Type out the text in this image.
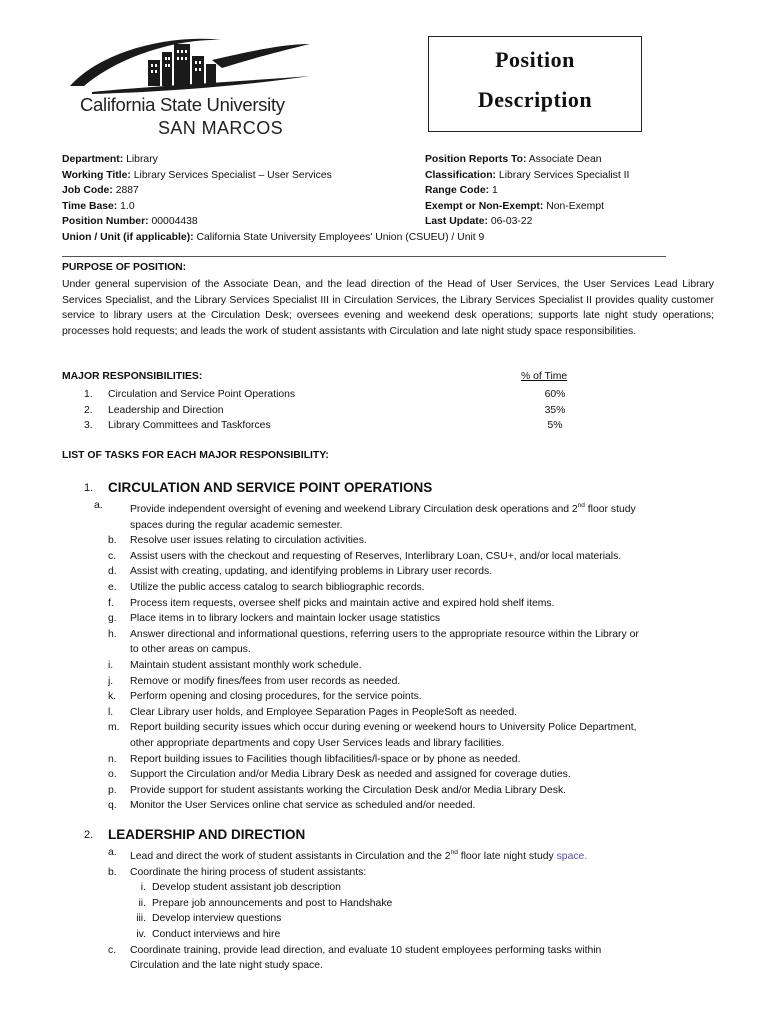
California State University
SAN MARCOS
Position
Description
Department: Library
Working Title: Library Services Specialist – User Services
Job Code: 2887
Time Base: 1.0
Position Number: 00004438
Union / Unit (if applicable): California State University Employees' Union (CSUEU) / Unit 9
Position Reports To: Associate Dean
Classification: Library Services Specialist II
Range Code: 1
Exempt or Non-Exempt: Non-Exempt
Last Update: 06-03-22
PURPOSE OF POSITION:
Under general supervision of the Associate Dean, and the lead direction of the Head of User Services, the User Services Lead Library Services Specialist, and the Library Services Specialist III in Circulation Services, the Library Services Specialist II provides quality customer service to library users at the Circulation Desk; oversees evening and weekend desk operations; supports late night study operations; processes hold requests; and leads the work of student assistants with Circulation and late night study space responsibilities.
MAJOR RESPONSIBILITIES:	% of Time
1. Circulation and Service Point Operations	60%
2. Leadership and Direction	35%
3. Library Committees and Taskforces	5%
LIST OF TASKS FOR EACH MAJOR RESPONSIBILITY:
1. CIRCULATION AND SERVICE POINT OPERATIONS
a.	Provide independent oversight of evening and weekend Library Circulation desk operations and 2nd floor study
spaces during the regular academic semester.
b.	Resolve user issues relating to circulation activities.
c.	Assist users with the checkout and requesting of Reserves, Interlibrary Loan, CSU+, and/or local materials.
d.	Assist with creating, updating, and identifying problems in Library user records.
e.	Utilize the public access catalog to search bibliographic records.
f.	Process item requests, oversee shelf picks and maintain active and expired hold shelf items.
g.	Place items in to library lockers and maintain locker usage statistics
h.	Answer directional and informational questions, referring users to the appropriate resource within the Library or
to other areas on campus.
i.	Maintain student assistant monthly work schedule.
j.	Remove or modify fines/fees from user records as needed.
k.	Perform opening and closing procedures, for the service points.
l.	Clear Library user holds, and Employee Separation Pages in PeopleSoft as needed.
m. Report building security issues which occur during evening or weekend hours to University Police Department,
other appropriate departments and copy User Services leads and library facilities.
n.	Report building issues to Facilities though libfacilities/l-space or by phone as needed.
o.	Support the Circulation and/or Media Library Desk as needed and assigned for coverage duties.
p.	Provide support for student assistants working the Circulation Desk and/or Media Library Desk.
q.	Monitor the User Services online chat service as scheduled and/or needed.
2. LEADERSHIP AND DIRECTION
a.	Lead and direct the work of student assistants in Circulation and the 2nd floor late night study space.
b.	Coordinate the hiring process of student assistants:
i. Develop student assistant job description
ii. Prepare job announcements and post to Handshake
iii. Develop interview questions
iv. Conduct interviews and hire
c.	Coordinate training, provide lead direction, and evaluate 10 student employees performing tasks within
Circulation and the late night study space.
